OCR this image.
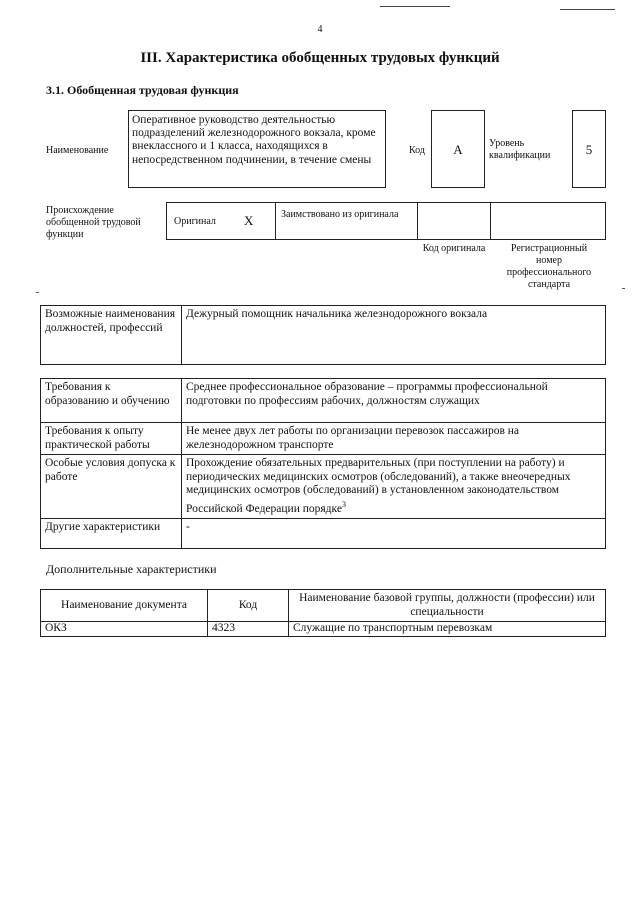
4
III. Характеристика обобщенных трудовых функций
3.1. Обобщенная трудовая функция
Наименование
Оперативное руководство деятельностью подразделений железнодорожного вокзала, кроме внеклассного и 1 класса, находящихся в непосредственном подчинении, в течение смены
Код	A	Уровень квалификации	5
Происхождение обобщенной трудовой функции
Оригинал X	Заимствовано из оригинала
Код оригинала	Регистрационный номер профессионального стандарта
Возможные наименования должностей, профессий	Дежурный помощник начальника железнодорожного вокзала
Требования к образованию и обучению	Среднее профессиональное образование – программы профессиональной подготовки по профессиям рабочих, должностям служащих
Требования к опыту практической работы	Не менее двух лет работы по организации перевозок пассажиров на железнодорожном транспорте
Особые условия допуска к работе	Прохождение обязательных предварительных (при поступлении на работу) и периодических медицинских осмотров (обследований), а также внеочередных медицинских осмотров (обследований) в установленном законодательством Российской Федерации порядке$^3$
Другие характеристики	-
Дополнительные характеристики
Наименование документа	Код	Наименование базовой группы, должности (профессии) или специальности
ОКЗ	4323	Служащие по транспортным перевозкам
